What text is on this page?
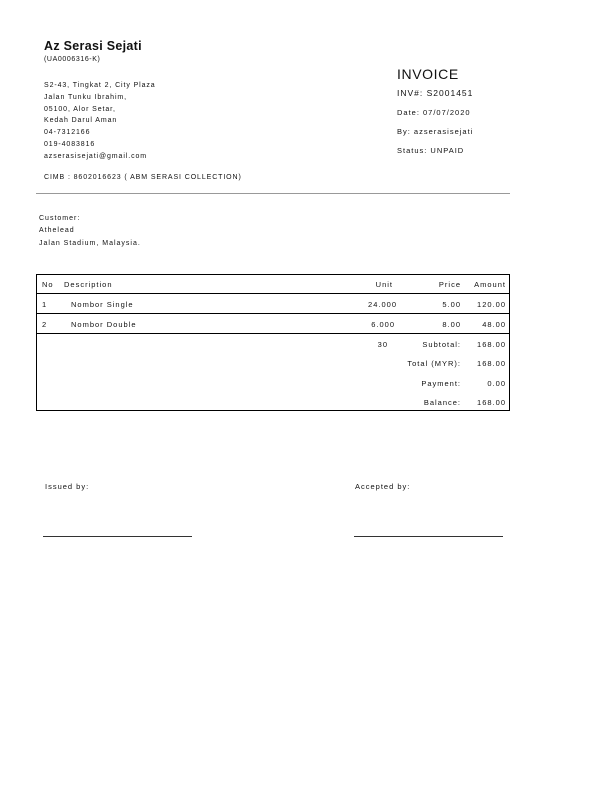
Az Serasi Sejati
(UA0006316-K)
S2-43, Tingkat 2, City Plaza
Jalan Tunku Ibrahim,
05100, Alor Setar,
Kedah Darul Aman
04-7312166
019-4083816
azserasisejati@gmail.com
CIMB : 8602016623 ( ABM SERASI COLLECTION)
INVOICE
INV#: S2001451
Date: 07/07/2020
By: azserasisejati
Status: UNPAID
Customer:
Athelead
Jalan Stadium, Malaysia.
No Description	Unit	Price	Amount
1	Nombor Single	24.000	5.00	120.00
2	Nombor Double	6.000	8.00	48.00
30	Subtotal:	168.00
Total (MYR):	168.00
Payment:	0.00
Balance:	168.00
Issued by:	Accepted by:
